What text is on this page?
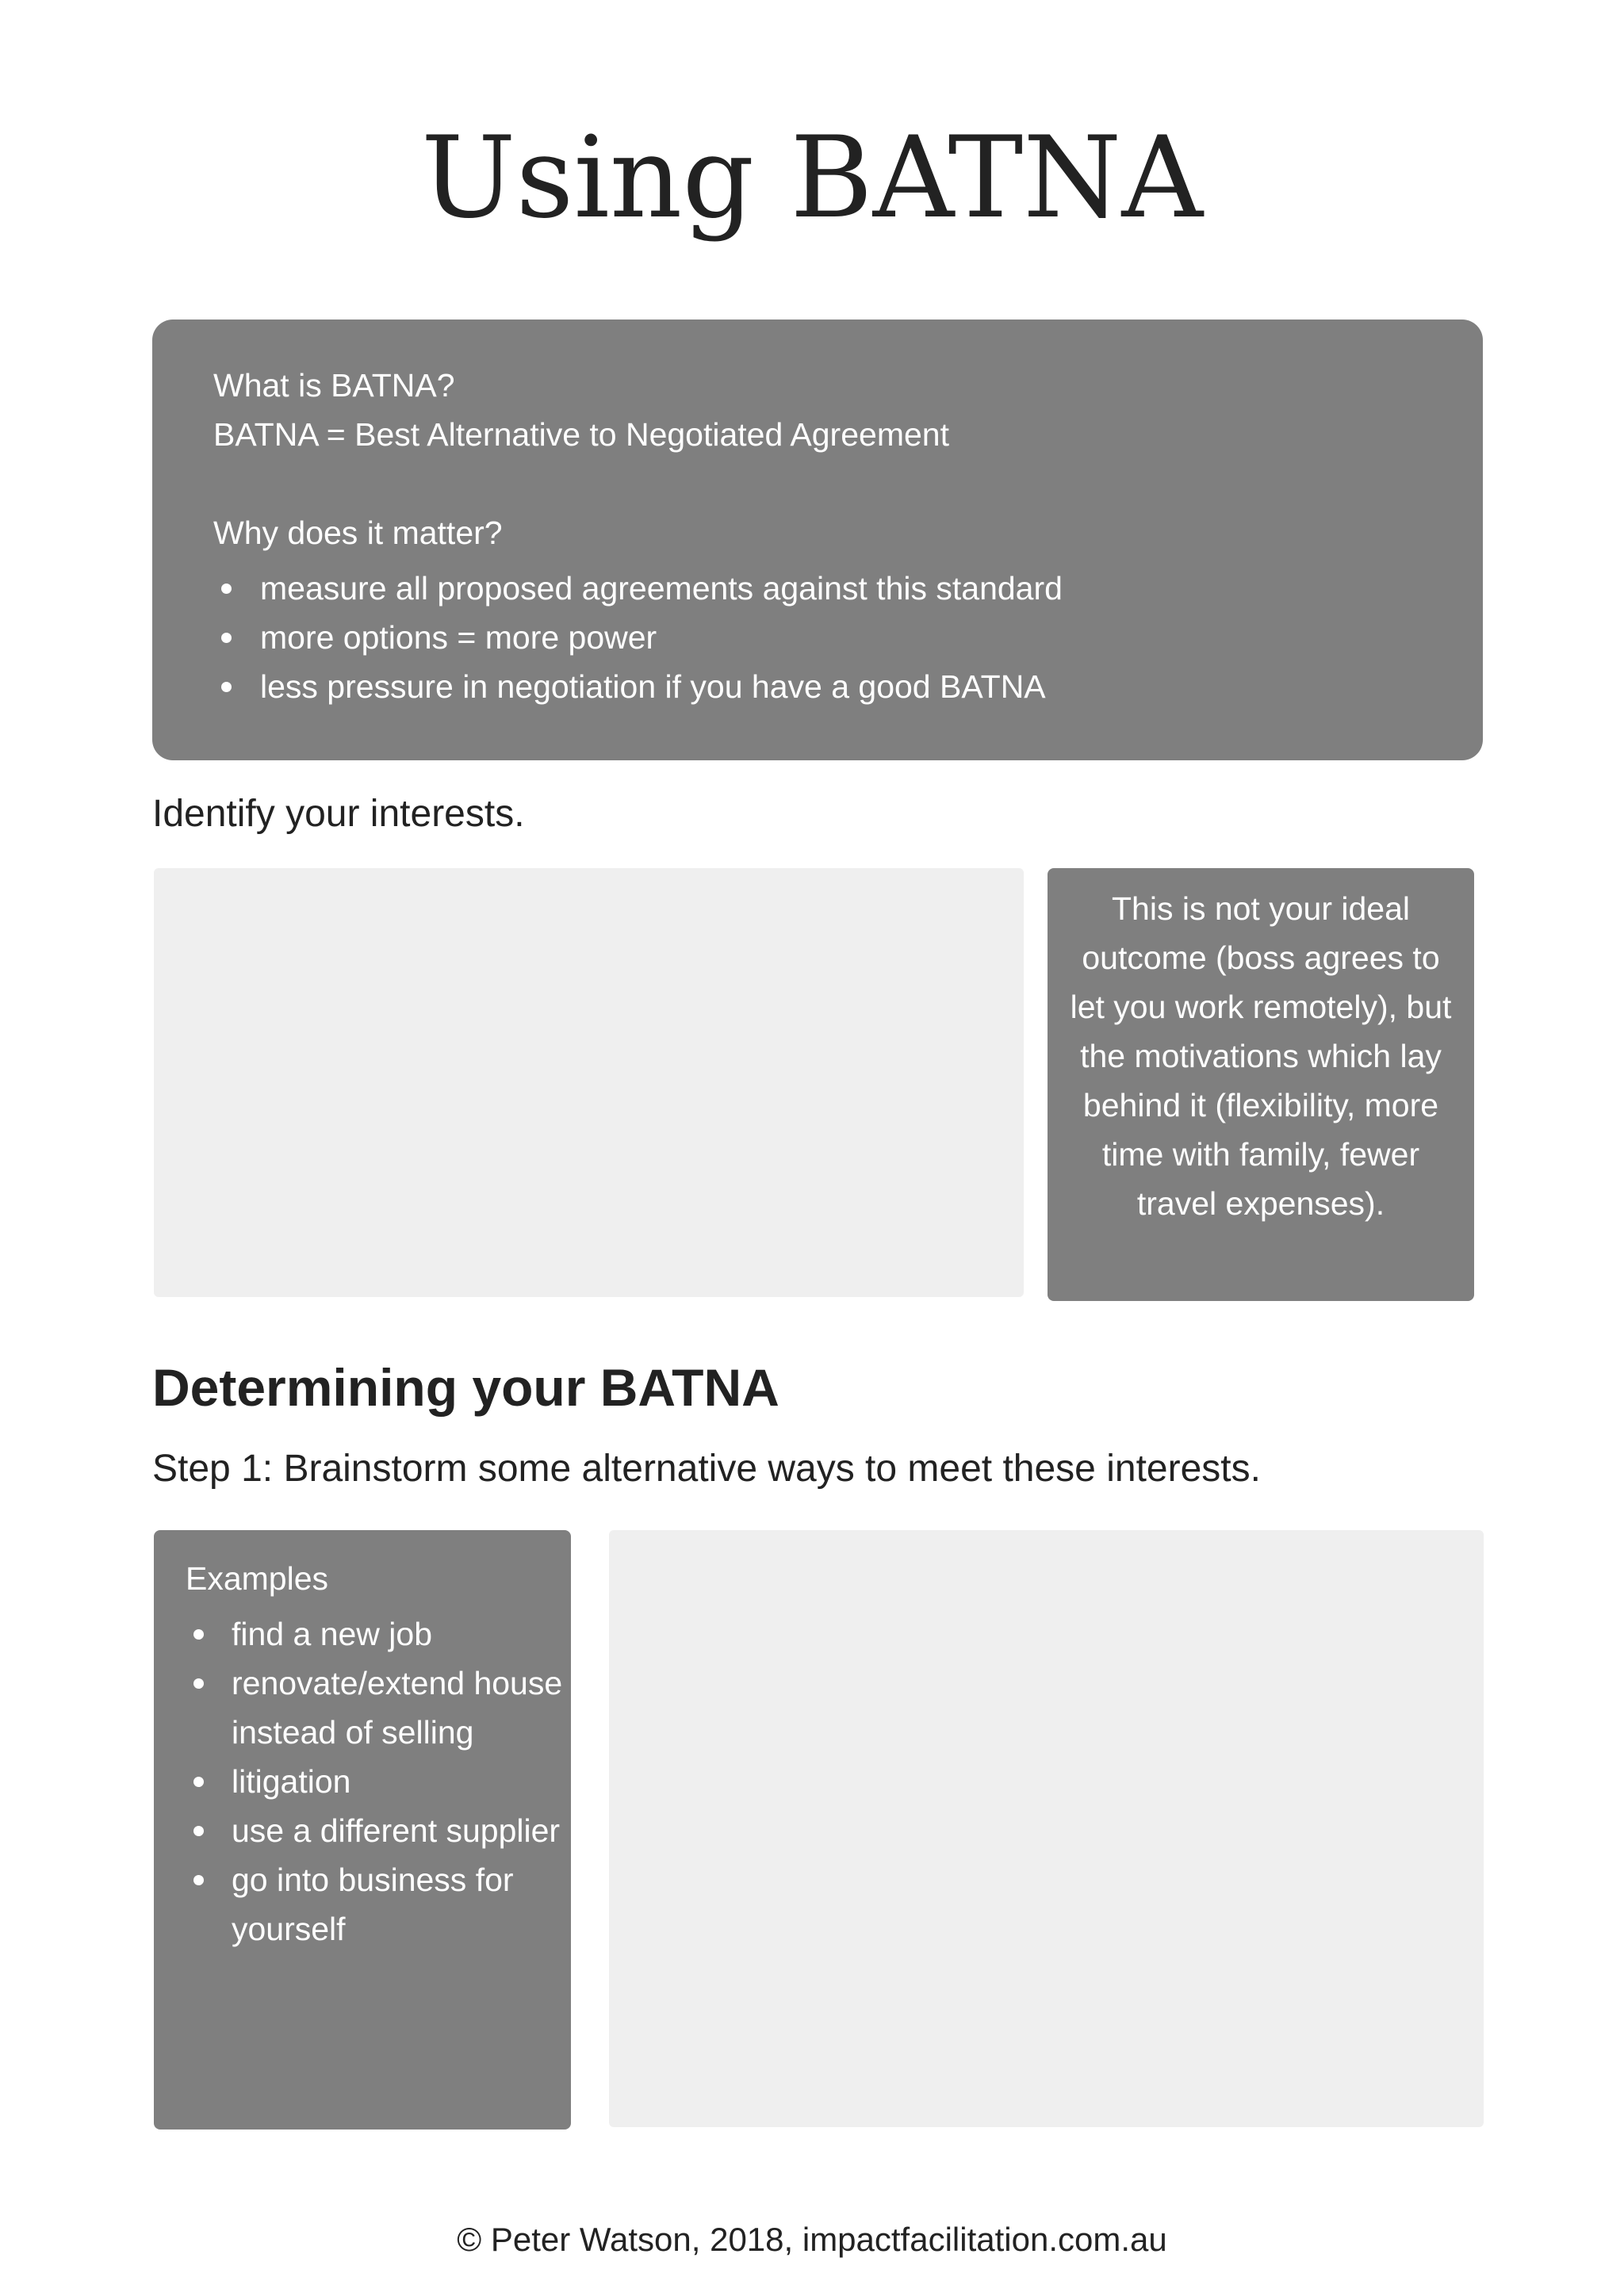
Using BATNA

What is BATNA?

BATNA = Best Alternative to Negotiated Agreement

Why does it matter?

measure all proposed agreements against this standard
more options = more power
less pressure in negotiation if you have a good BATNA

Identify your interests.

This is not your ideal outcome (boss agrees to let you work remotely), but the motivations which lay behind it (flexibility, more time with family, fewer travel expenses).
Determining your BATNA

Step 1: Brainstorm some alternative ways to meet these interests.

Examples

find a new job
renovate/extend house instead of selling
litigation
use a different supplier
go into business for yourself
© Peter Watson, 2018, impactfacilitation.com.au
